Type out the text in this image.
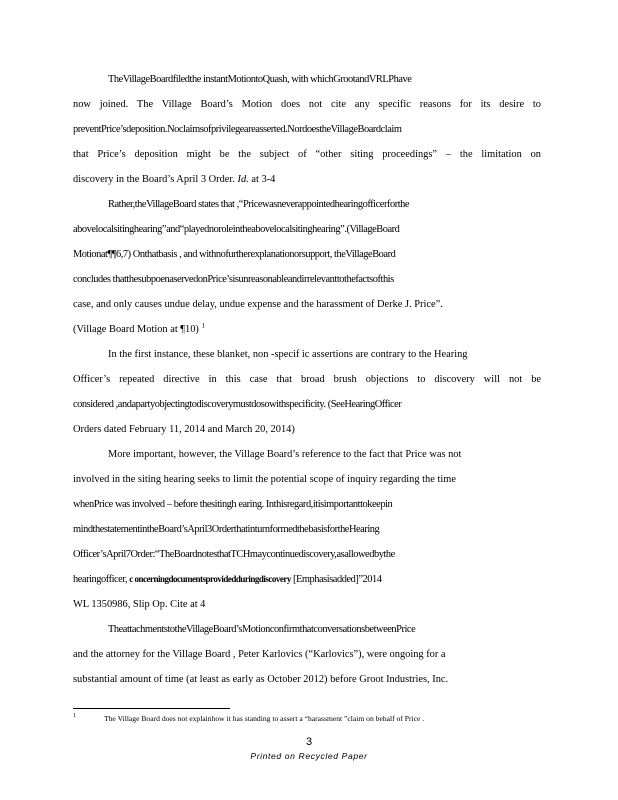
TheVillageBoardfiledthe instantMotiontoQuash, with whichGrootandVRLPhave
now joined. The Village Board’s Motion does not cite any specific reasons for its desire to
preventPrice’sdeposition.Noclaimsofprivilegeareasserted.NordoestheVillageBoardclaim
that Price’s deposition might be the subject of “other siting proceedings” – the limitation on
discovery in the Board’s April 3 Order. Id. at 3-4
Rather,theVillageBoard states that ,“Pricewasneverappointedhearingofficerforthe
abovelocalsitinghearing”and“playednoroleintheabovelocalsitinghearing”.(VillageBoard
Motionat¶¶6,7) Onthatbasis , and withnofurtherexplanationorsupport, theVillageBoard
concludes thatthesubpoenaservedonPrice’sisunreasonableandirrelevanttothefactsofthis
case, and only causes undue delay, undue expense and the harassment of Derke J. Price”.
(Village Board Motion at ¶10) $^1$
In the first instance, these blanket, non -specif ic assertions are contrary to the Hearing
Officer’s repeated directive in this case that broad brush objections to discovery will not be
considered ,andapartyobjectingtodiscoverymustdosowithspecificity. (SeeHearingOfficer
Orders dated February 11, 2014 and March 20, 2014)
More important, however, the Village Board’s reference to the fact that Price was not
involved in the siting hearing seeks to limit the potential scope of inquiry regarding the time
whenPrice was involved – before thesitingh earing. Inthisregard,itisimportanttokeepin
mindthestatementintheBoard’sApril3OrderthatinturnformedthebasisfortheHearing
Officer’sApril7Order:“TheBoardnotesthatTCHmaycontinuediscovery,asallowedbythe
hearingofficer, c oncerningdocumentsprovidedduringdiscovery [Emphasisadded]”2014
WL 1350986, Slip Op. Cite at 4
TheattachmentstotheVillageBoard’sMotionconfirmthatconversationsbetweenPrice
and the attorney for the Village Board , Peter Karlovics (“Karlovics”), were ongoing for a
substantial amount of time (at least as early as October 2012) before Groot Industries, Inc.
$^1$	The Village Board does not explainhow it has standing to assert a “harassment ”claim on behalf of Price .
3
Printed on Recycled Paper
